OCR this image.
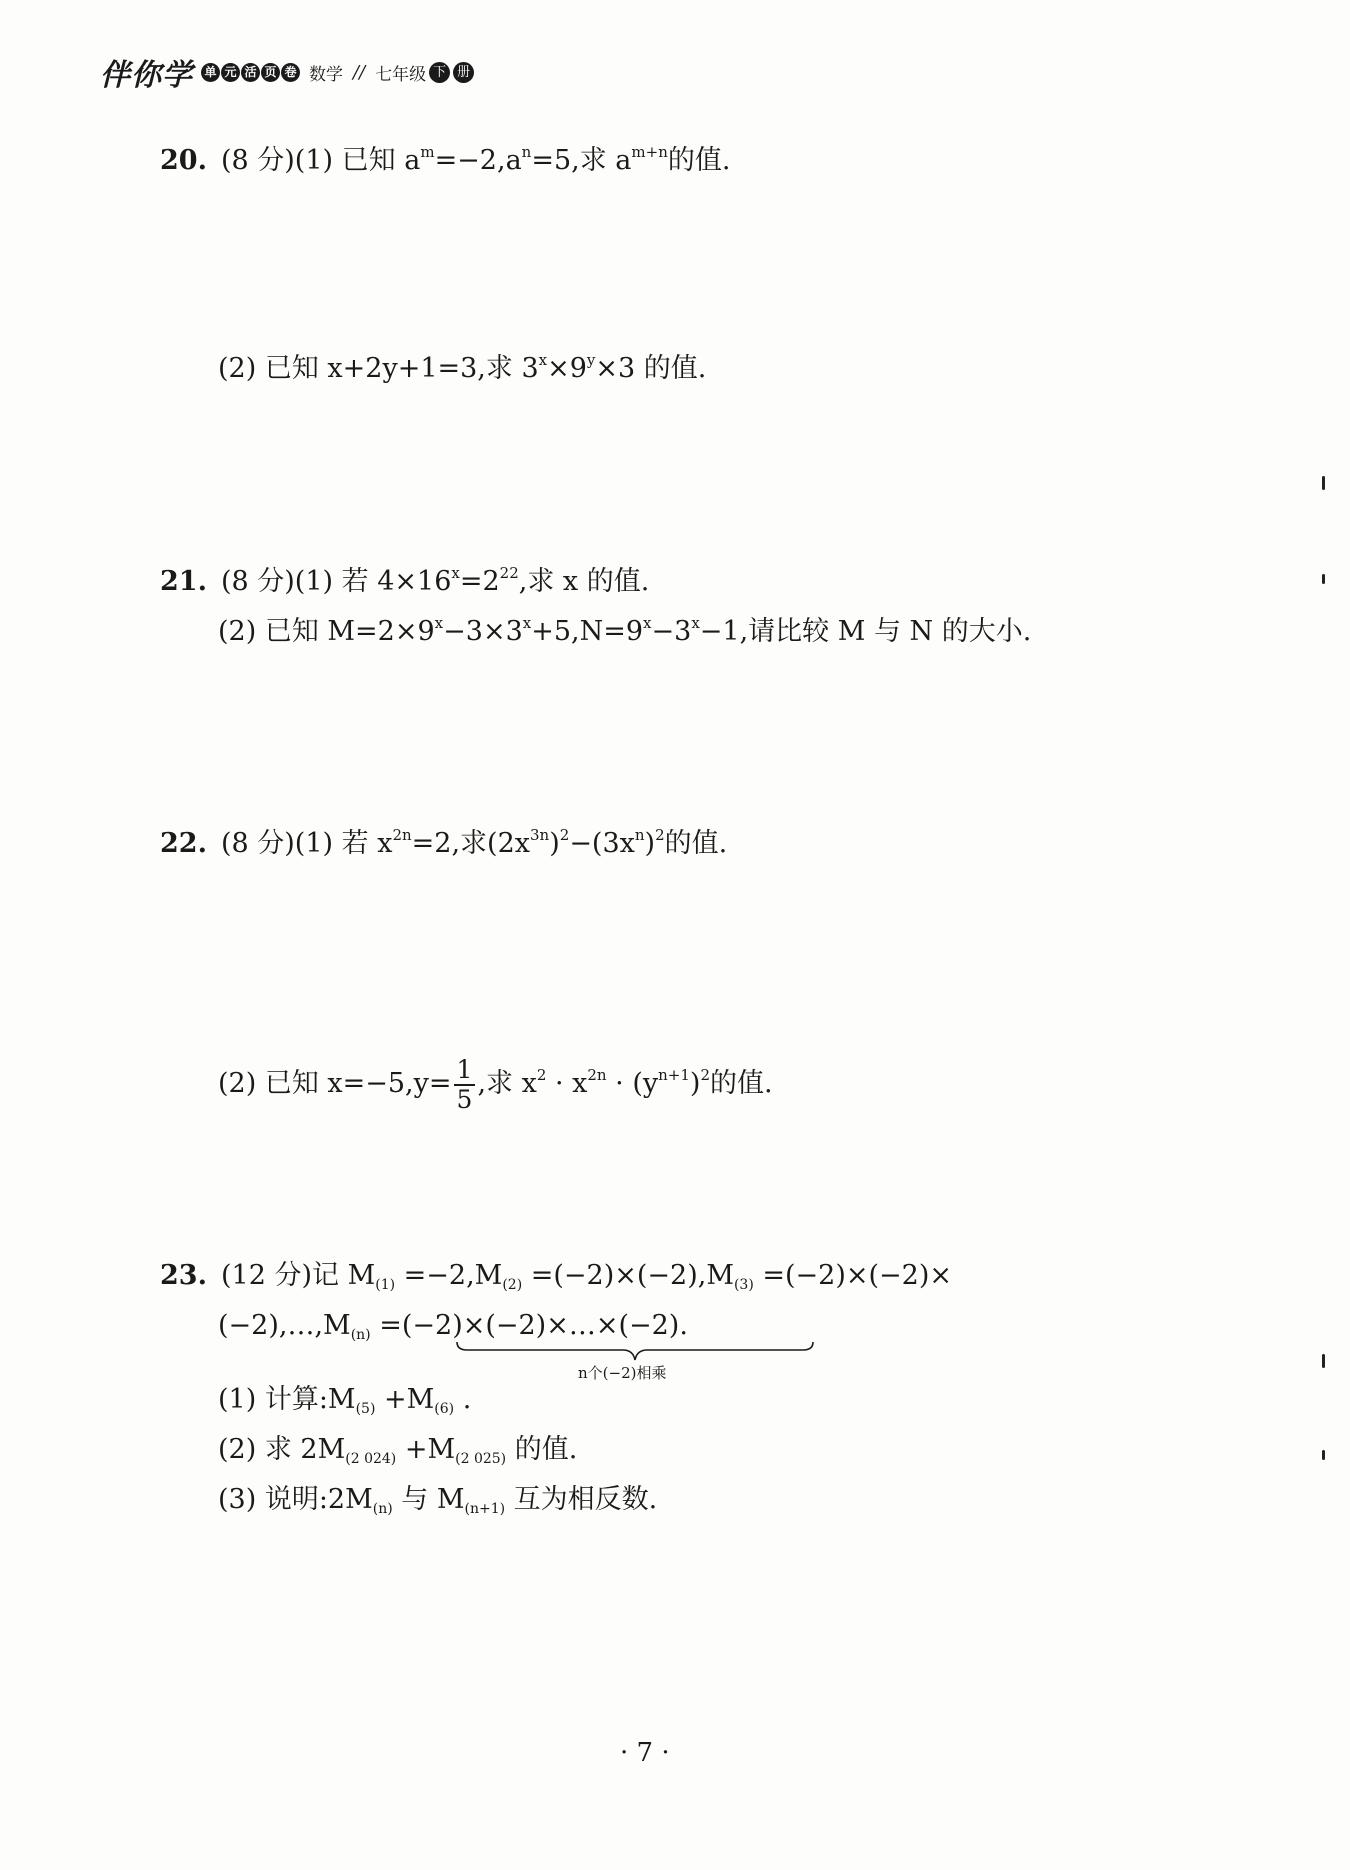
伴你学 单 元 活 页 卷 数学 // 七年级 下 册
20. (8 分)(1) 已知 $a^m=-2,a^n=5$,求 $a^{m+n}$的值.
(2) 已知 x+2y+1=3,求 $3^x\times 9^y\times 3$ 的值.
21. (8 分)(1) 若 $4\times 16^x=2^{22}$,求 x 的值.
(2) 已知 $M=2\times 9^x-3\times 3^x+5,N=9^x-3^x-1$,请比较 M 与 N 的大小.
22. (8 分)(1) 若 $x^{2n}=2$,求$(2x^{3n})^2-(3x^n)^2$的值.
(2) 已知 $x=-5,y= \frac{1}{5}$ ,求 $x^2 \cdot x^{2n} \cdot (y^{n+1})^2$的值.
23. (12 分)记 $M_{(1)} =-2,M_{(2)} =(-2)\times(-2),M_{(3)} =(-2)\times(-2)\times$
$(-2),\dots,M_{(n)}$ =(−2)×(−2)×…×(−2).
n个(−2)相乘
(1) 计算$:M_{(5)} +M_{(6)}$ .
(2) 求 $2M_{(2 024)} +M_{(2 025)}$ 的值.
(3) 说明$:2M_{(n)}$ 与 $M_{(n+1)}$ 互为相反数.
· 7 ·
